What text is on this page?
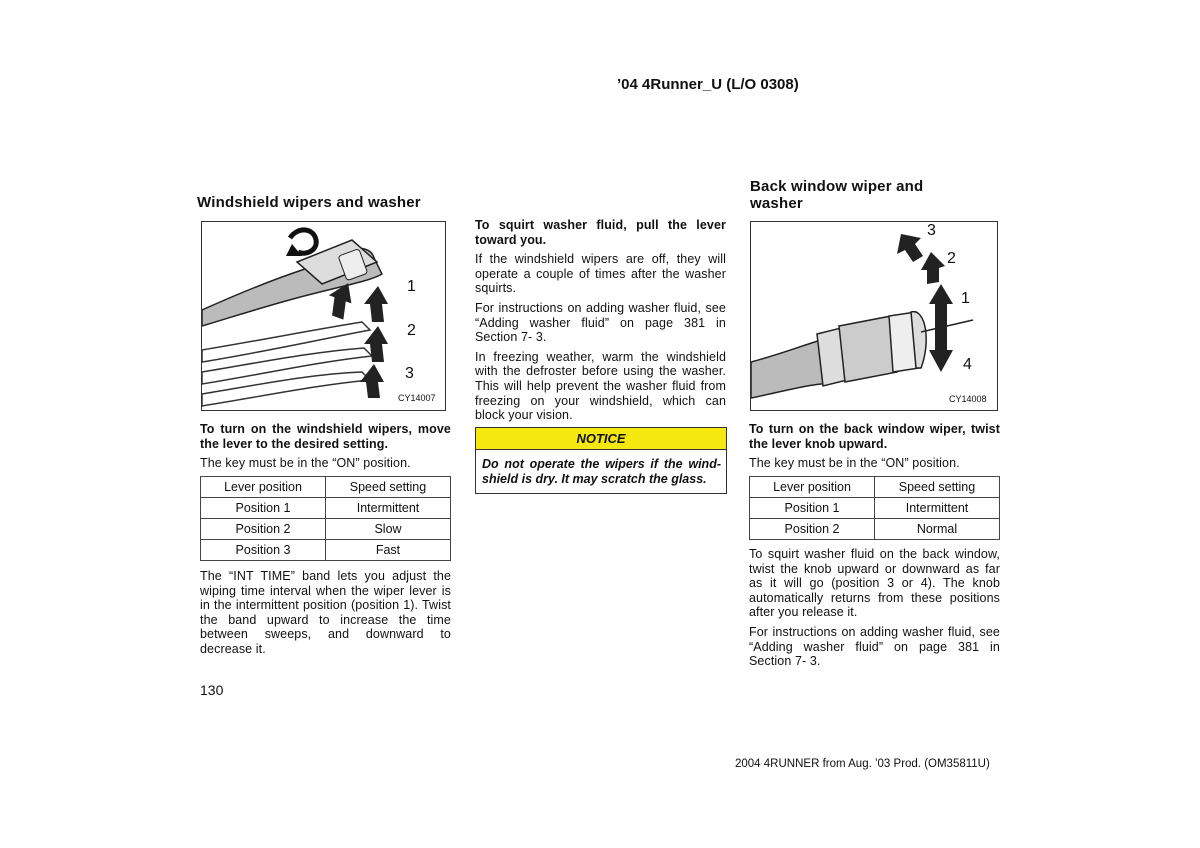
’04 4Runner_U (L/O 0308)
Windshield wipers and washer
1
2
3
CY14007
To turn on the windshield wipers, move the lever to the desired setting.
The key must be in the “ON” position.
Lever position	Speed setting
Position 1	Intermittent
Position 2	Slow
Position 3	Fast
The “INT TIME” band lets you adjust the wiping time interval when the wiper lever is in the intermittent position (position 1). Twist the band upward to increase the time between sweeps, and downward to decrease it.
To squirt washer fluid, pull the lever toward you.
If the windshield wipers are off, they will operate a couple of times after the washer squirts.
For instructions on adding washer fluid, see “Adding washer fluid” on page 381 in Section 7- 3.
In freezing weather, warm the windshield with the defroster before using the washer. This will help prevent the washer fluid from freezing on your windshield, which can block your vision.
NOTICE
Do not operate the wipers if the wind-shield is dry. It may scratch the glass.
Back window wiper and
washer
3
2
1
4
CY14008
To turn on the back window wiper, twist the lever knob upward.
The key must be in the “ON” position.
Lever position	Speed setting
Position 1	Intermittent
Position 2	Normal
To squirt washer fluid on the back window, twist the knob upward or downward as far as it will go (position 3 or 4). The knob automatically returns from these positions after you release it.
For instructions on adding washer fluid, see “Adding washer fluid” on page 381 in Section 7- 3.
130
2004 4RUNNER from Aug. ’03 Prod. (OM35811U)
